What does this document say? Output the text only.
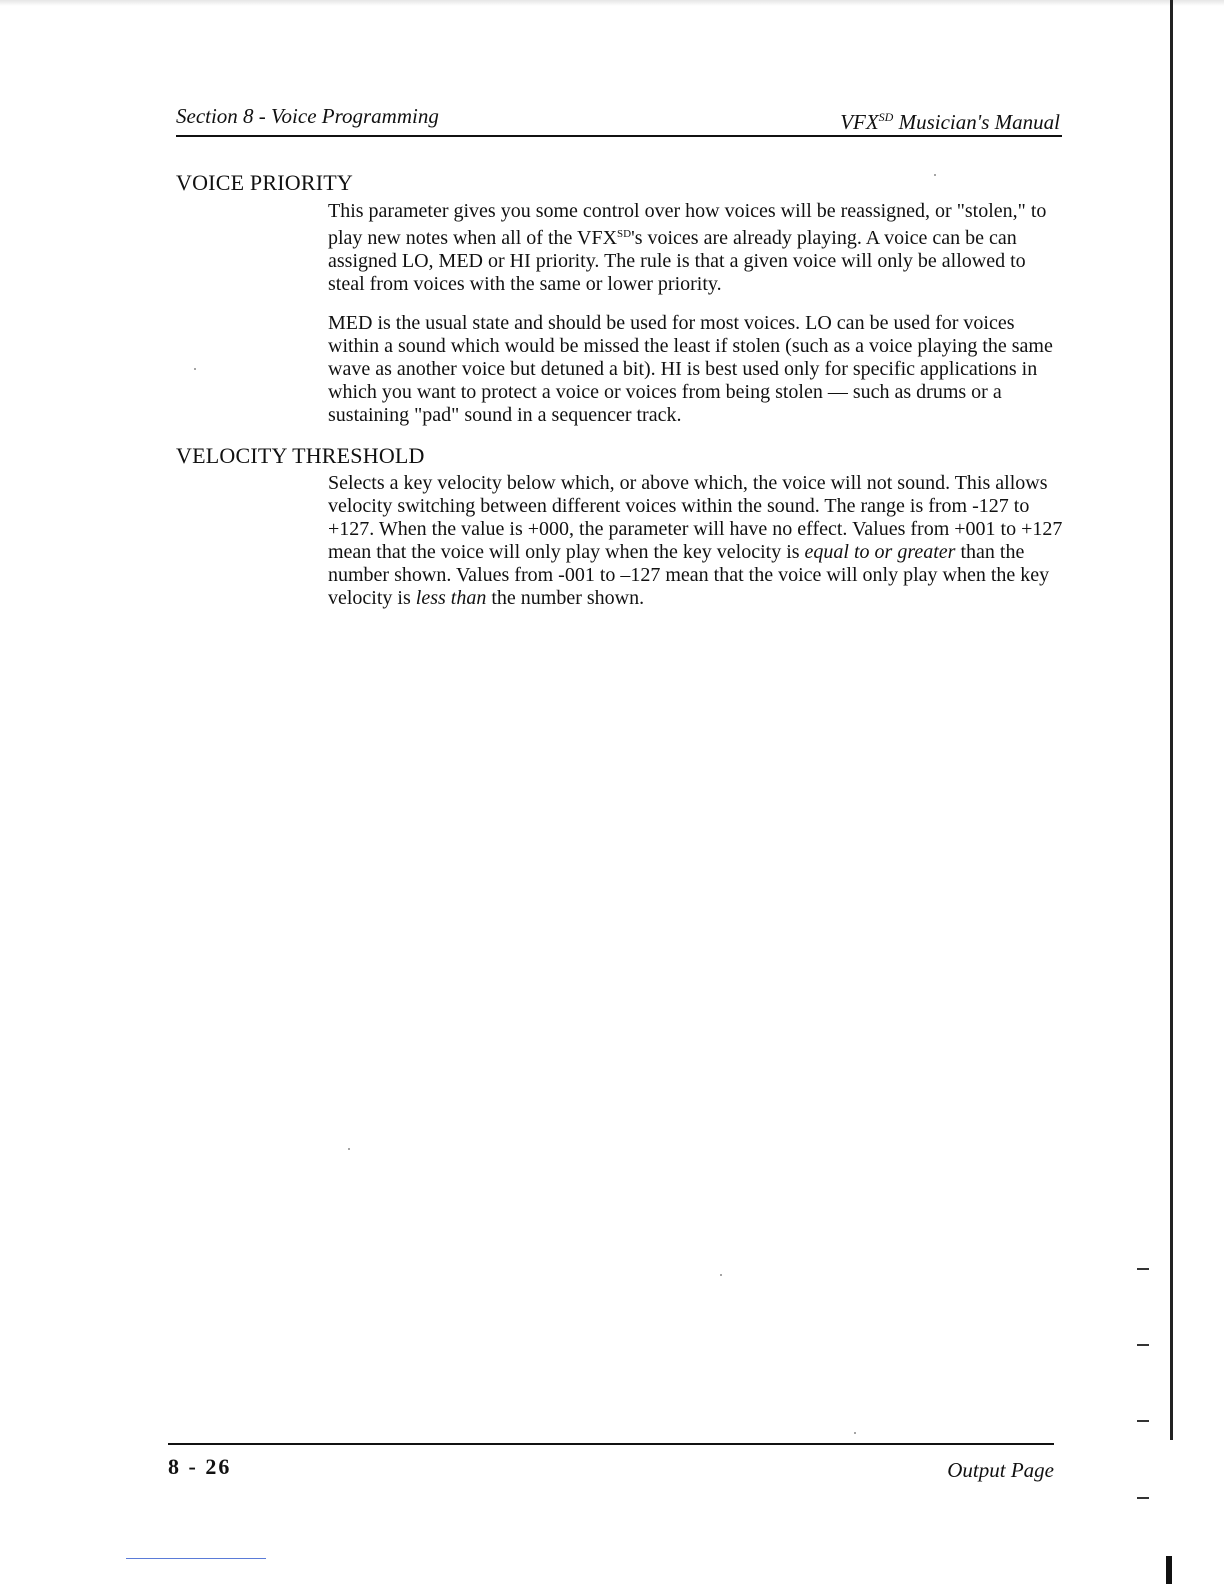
Section 8 - Voice Programming	$VFX^{SD}$ Musician's Manual
VOICE PRIORITY

This parameter gives you some control over how voices will be reassigned, or "stolen," to play new notes when all of the $VFX^{SD}'s$ voices are already playing. A voice can be can assigned LO, MED or HI priority. The rule is that a given voice will only be allowed to steal from voices with the same or lower priority.

MED is the usual state and should be used for most voices. LO can be used for voices within a sound which would be missed the least if stolen (such as a voice playing the same wave as another voice but detuned a bit). HI is best used only for specific applications in which you want to protect a voice or voices from being stolen — such as drums or a sustaining "pad" sound in a sequencer track.

VELOCITY THRESHOLD

Selects a key velocity below which, or above which, the voice will not sound. This allows velocity switching between different voices within the sound. The range is from -127 to +127. When the value is +000, the parameter will have no effect. Values from +001 to +127 mean that the voice will only play when the key velocity is equal to or greater than the number shown. Values from -001 to –127 mean that the voice will only play when the key velocity is less than the number shown.

8 - 26	Output Page
